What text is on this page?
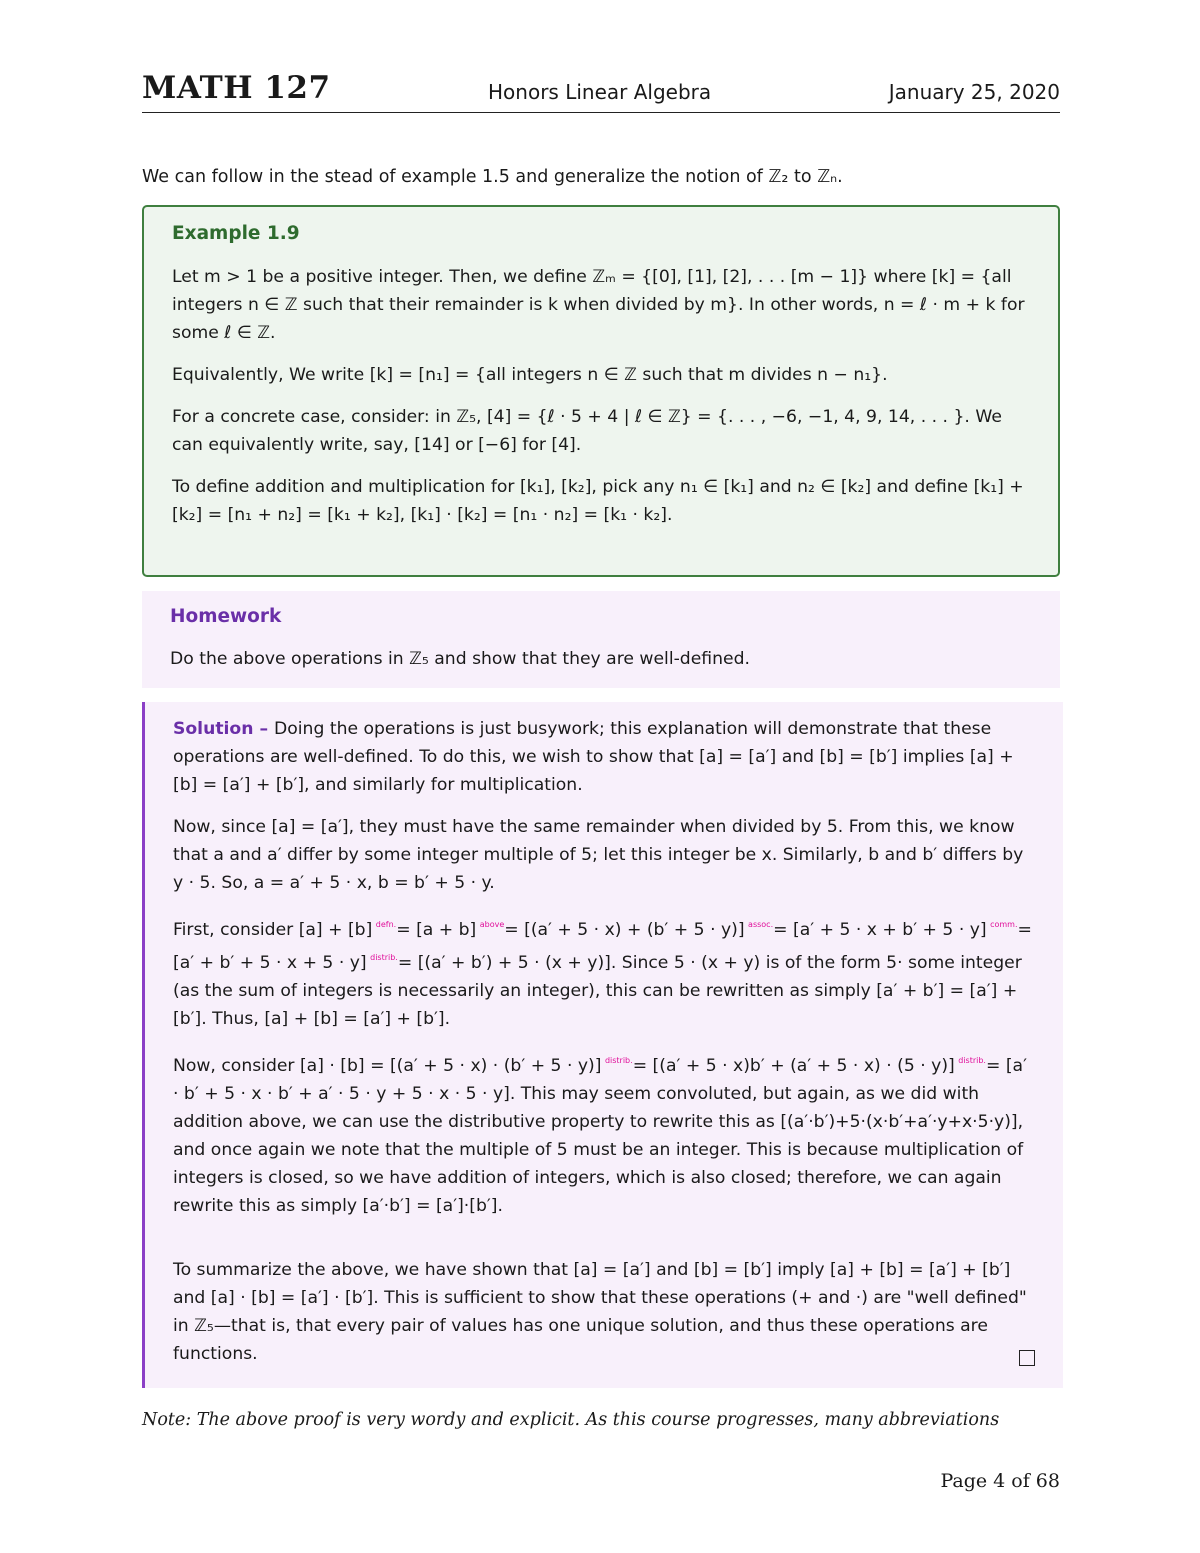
MATH 127	Honors Linear Algebra	January 25, 2020
We can follow in the stead of example 1.5 and generalize the notion of ℤ₂ to ℤₙ.
Example 1.9

Let m > 1 be a positive integer. Then, we define ℤₘ = {[0], [1], [2], . . . [m − 1]} where [k] = {all integers n ∈ ℤ such that their remainder is k when divided by m}. In other words, n = ℓ · m + k for some ℓ ∈ ℤ.

Equivalently, We write [k] = [n₁] = {all integers n ∈ ℤ such that m divides n − n₁}.

For a concrete case, consider: in ℤ₅, [4] = {ℓ · 5 + 4 | ℓ ∈ ℤ} = {. . . , −6, −1, 4, 9, 14, . . . }. We can equivalently write, say, [14] or [−6] for [4].

To define addition and multiplication for [k₁], [k₂], pick any n₁ ∈ [k₁] and n₂ ∈ [k₂] and define [k₁] + [k₂] = [n₁ + n₂] = [k₁ + k₂], [k₁] · [k₂] = [n₁ · n₂] = [k₁ · k₂].

Homework
Do the above operations in ℤ₅ and show that they are well-defined.

Solution – Doing the operations is just busywork; this explanation will demonstrate that these operations are well-defined. To do this, we wish to show that [a] = [a′] and [b] = [b′] implies [a] + [b] = [a′] + [b′], and similarly for multiplication.

Now, since [a] = [a′], they must have the same remainder when divided by 5. From this, we know that a and a′ differ by some integer multiple of 5; let this integer be x. Similarly, b and b′ differs by y · 5. So, a = a′ + 5 · x, b = b′ + 5 · y.

First, consider [a] + [b] $^{defn.}$= [a + b] $^{above}$= [(a′ + 5 · x) + (b′ + 5 · y)] $^{assoc.}$= [a′ + 5 · x + b′ + 5 · y] $^{comm.}$= [a′ + b′ + 5 · x + 5 · y] $^{distrib.}$= [(a′ + b′) + 5 · (x + y)]. Since 5 · (x + y) is of the form 5· some integer (as the sum of integers is necessarily an integer), this can be rewritten as simply [a′ + b′] = [a′] + [b′]. Thus, [a] + [b] = [a′] + [b′].

Now, consider [a] · [b] = [(a′ + 5 · x) · (b′ + 5 · y)] $^{distrib.}$= [(a′ + 5 · x)b′ + (a′ + 5 · x) · (5 · y)] $^{distrib.}$= [a′ · b′ + 5 · x · b′ + a′ · 5 · y + 5 · x · 5 · y]. This may seem convoluted, but again, as we did with addition above, we can use the distributive property to rewrite this as [(a′·b′)+5·(x·b′+a′·y+x·5·y)], and once again we note that the multiple of 5 must be an integer. This is because multiplication of integers is closed, so we have addition of integers, which is also closed; therefore, we can again rewrite this as simply [a′·b′] = [a′]·[b′].

To summarize the above, we have shown that [a] = [a′] and [b] = [b′] imply [a] + [b] = [a′] + [b′] and [a] · [b] = [a′] · [b′]. This is sufficient to show that these operations (+ and ·) are "well defined" in ℤ₅—that is, that every pair of values has one unique solution, and thus these operations are functions.

Note: The above proof is very wordy and explicit. As this course progresses, many abbreviations
Page 4 of 68
